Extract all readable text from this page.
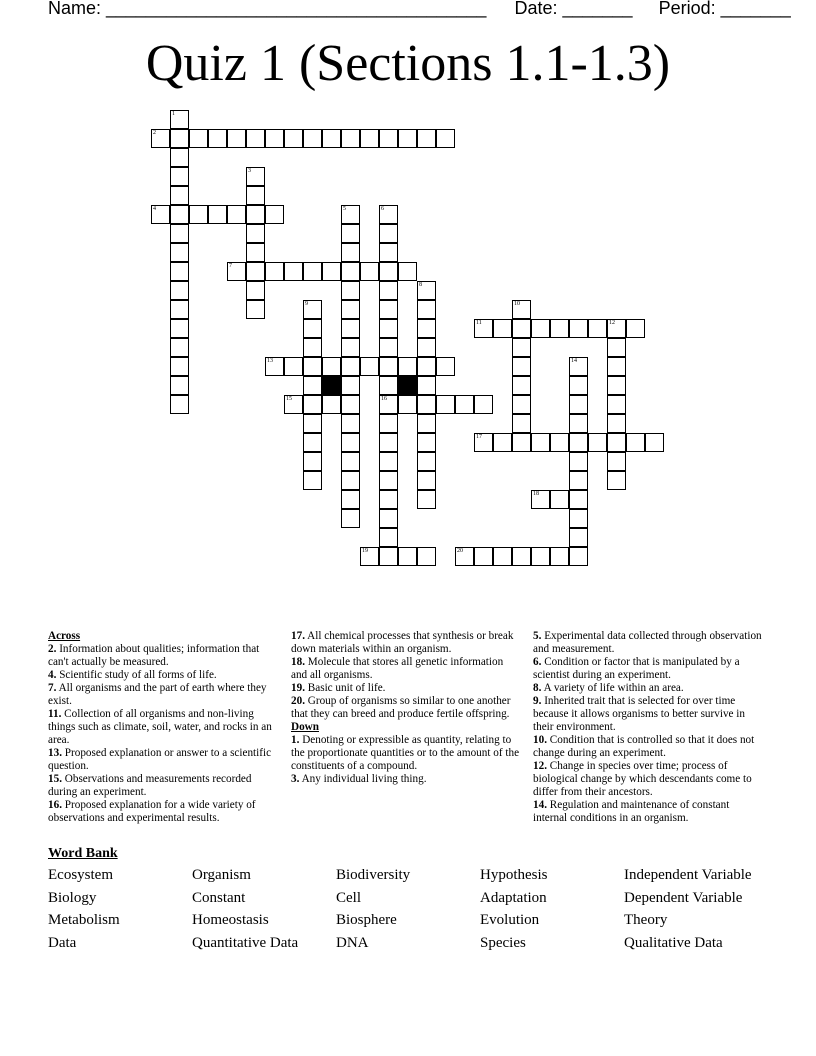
Name: ______________________________________ Date: _______ Period: _______
Quiz 1 (Sections 1.1-1.3)
1
2
3
4	5	6
16
7
8
9	10
11	12
13	14
15
17
18
19	20
Across

2. Information about qualities; information that can't actually be measured.

4. Scientific study of all forms of life.

7. All organisms and the part of earth where they exist.

11. Collection of all organisms and non-living things such as climate, soil, water, and rocks in an area.

13. Proposed explanation or answer to a scientific question.

15. Observations and measurements recorded during an experiment.

16. Proposed explanation for a wide variety of observations and experimental results.

17. All chemical processes that synthesis or break down materials within an organism.

18. Molecule that stores all genetic information and all organisms.

19. Basic unit of life.

20. Group of organisms so similar to one another that they can breed and produce fertile offspring.

Down

1. Denoting or expressible as quantity, relating to the proportionate quantities or to the amount of the constituents of a compound.

3. Any individual living thing.

5. Experimental data collected through observation and measurement.

6. Condition or factor that is manipulated by a scientist during an experiment.

8. A variety of life within an area.

9. Inherited trait that is selected for over time because it allows organisms to better survive in their environment.

10. Condition that is controlled so that it does not change during an experiment.

12. Change in species over time; process of biological change by which descendants come to differ from their ancestors.

14. Regulation and maintenance of constant internal conditions in an organism.

Word Bank
Ecosystem	Organism	Biodiversity	Hypothesis	Independent Variable
Biology	Constant	Cell	Adaptation	Dependent Variable
Metabolism	Homeostasis	Biosphere	Evolution	Theory
Data	Quantitative Data	DNA	Species	Qualitative Data
